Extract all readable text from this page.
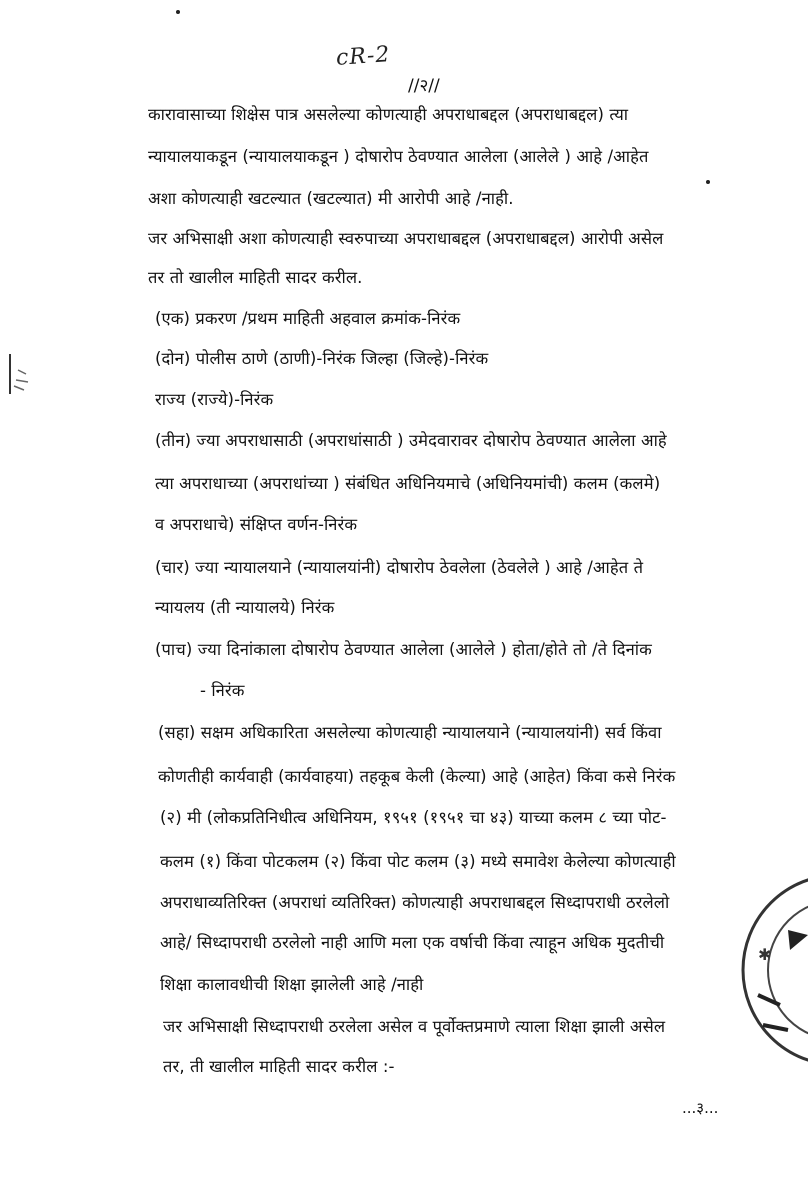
cR-2
//२//
कारावासाच्या शिक्षेस पात्र असलेल्या कोणत्याही अपराधाबद्दल (अपराधाबद्दल) त्या
न्यायालयाकडून (न्यायालयाकडून ) दोषारोप ठेवण्यात आलेला (आलेले ) आहे /आहेत
अशा कोणत्याही खटल्यात (खटल्यात) मी आरोपी आहे /नाही.
जर अभिसाक्षी अशा कोणत्याही स्वरुपाच्या अपराधाबद्दल (अपराधाबद्दल) आरोपी असेल
तर तो खालील माहिती सादर करील.
(एक) प्रकरण /प्रथम माहिती अहवाल क्रमांक-निरंक
(दोन) पोलीस ठाणे (ठाणी)-निरंक जिल्हा (जिल्हे)-निरंक
राज्य (राज्ये)-निरंक
(तीन) ज्या अपराधासाठी (अपराधांसाठी ) उमेदवारावर दोषारोप ठेवण्यात आलेला आहे
त्या अपराधाच्या (अपराधांच्या ) संबंधित अधिनियमाचे (अधिनियमांची) कलम (कलमे)
व अपराधाचे) संक्षिप्त वर्णन-निरंक
(चार) ज्या न्यायालयाने (न्यायालयांनी) दोषारोप ठेवलेला (ठेवलेले ) आहे /आहेत ते
न्यायलय (ती न्यायालये) निरंक
(पाच) ज्या दिनांकाला दोषारोप ठेवण्यात आलेला (आलेले ) होता/होते तो /ते दिनांक
- निरंक
(सहा) सक्षम अधिकारिता असलेल्या कोणत्याही न्यायालयाने (न्यायालयांनी) सर्व किंवा
कोणतीही कार्यवाही (कार्यवाहया) तहकूब केली (केल्या) आहे (आहेत) किंवा कसे निरंक
(२) मी (लोकप्रतिनिधीत्व अधिनियम, १९५१ (१९५१ चा ४३) याच्या कलम ८ च्या पोट-
कलम (१) किंवा पोटकलम (२) किंवा पोट कलम (३) मध्ये समावेश केलेल्या कोणत्याही
अपराधाव्यतिरिक्त (अपराधां व्यतिरिक्त) कोणत्याही अपराधाबद्दल सिध्दापराधी ठरलेलो
आहे/ सिध्दापराधी ठरलेलो नाही आणि मला एक वर्षाची किंवा त्याहून अधिक मुदतीची
शिक्षा कालावधीची शिक्षा झालेली आहे /नाही
जर अभिसाक्षी सिध्दापराधी ठरलेला असेल व पूर्वोक्तप्रमाणे त्याला शिक्षा झाली असेल
तर, ती खालील माहिती सादर करील :-
...३...
✱
